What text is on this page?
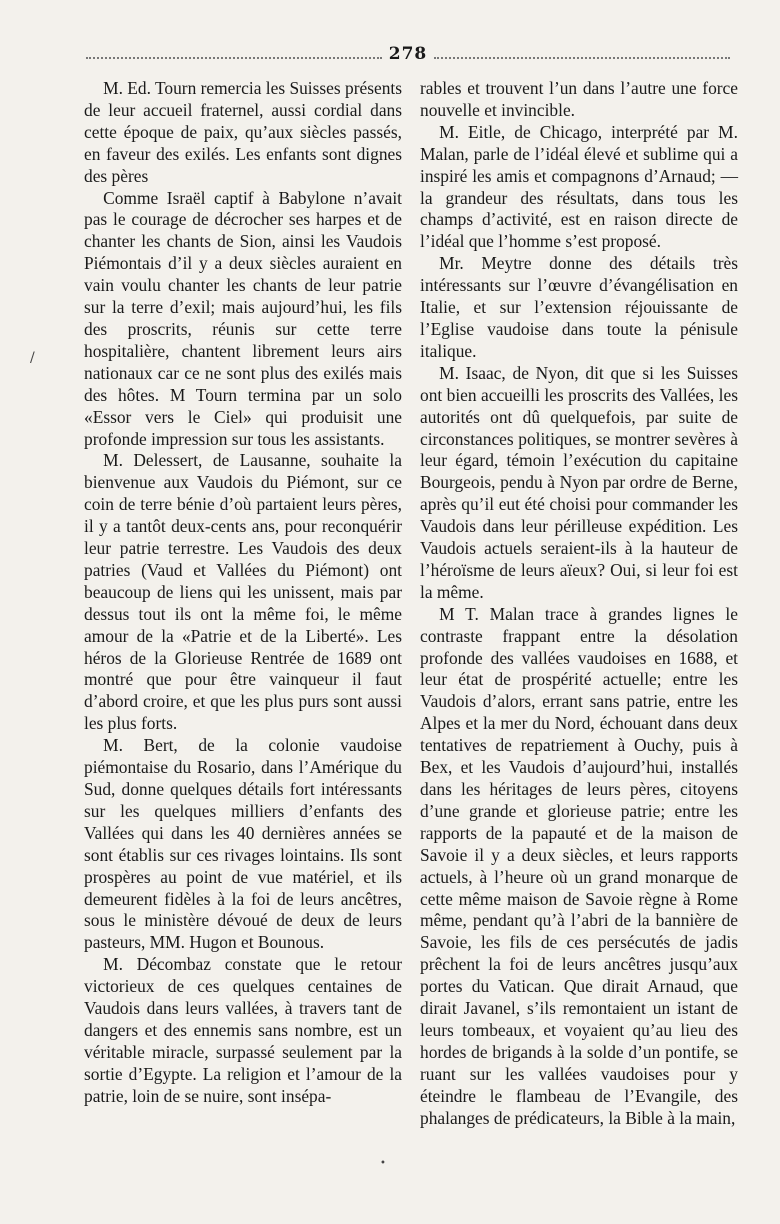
278

M. Ed. Tourn remercia les Suisses présents de leur accueil fraternel, aussi cordial dans cette époque de paix, qu’aux siècles passés, en faveur des exilés. Les enfants sont dignes des pères

Comme Israël captif à Babylone n’avait pas le courage de décrocher ses harpes et de chanter les chants de Sion, ainsi les Vaudois Piémontais d’il y a deux siècles auraient en vain voulu chanter les chants de leur patrie sur la terre d’exil; mais aujourd’hui, les fils des proscrits, réunis sur cette terre hospitalière, chantent librement leurs airs nationaux car ce ne sont plus des exilés mais des hôtes. M Tourn termina par un solo «Essor vers le Ciel» qui produisit une profonde impression sur tous les assistants.

M. Delessert, de Lausanne, souhaite la bienvenue aux Vaudois du Piémont, sur ce coin de terre bénie d’où partaient leurs pères, il y a tantôt deux-cents ans, pour reconquérir leur patrie terrestre. Les Vaudois des deux patries (Vaud et Vallées du Piémont) ont beaucoup de liens qui les unissent, mais par dessus tout ils ont la même foi, le même amour de la «Patrie et de la Liberté». Les héros de la Glorieuse Rentrée de 1689 ont montré que pour être vainqueur il faut d’abord croire, et que les plus purs sont aussi les plus forts.

M. Bert, de la colonie vaudoise piémontaise du Rosario, dans l’Amérique du Sud, donne quelques détails fort intéressants sur les quelques milliers d’enfants des Vallées qui dans les 40 dernières années se sont établis sur ces rivages lointains. Ils sont prospères au point de vue matériel, et ils demeurent fidèles à la foi de leurs ancêtres, sous le ministère dévoué de deux de leurs pasteurs, MM. Hugon et Bounous.

M. Décombaz constate que le retour victorieux de ces quelques centaines de Vaudois dans leurs vallées, à travers tant de dangers et des ennemis sans nombre, est un véritable miracle, surpassé seulement par la sortie d’Egypte. La religion et l’amour de la patrie, loin de se nuire, sont insépa-

rables et trouvent l’un dans l’autre une force nouvelle et invincible.

M. Eitle, de Chicago, interprété par M. Malan, parle de l’idéal élevé et sublime qui a inspiré les amis et compagnons d’Arnaud; — la grandeur des résultats, dans tous les champs d’activité, est en raison directe de l’idéal que l’homme s’est proposé.

Mr. Meytre donne des détails très intéressants sur l’œuvre d’évangélisation en Italie, et sur l’extension réjouissante de l’Eglise vaudoise dans toute la pénisule italique.

M. Isaac, de Nyon, dit que si les Suisses ont bien accueilli les proscrits des Vallées, les autorités ont dû quelquefois, par suite de circonstances politiques, se montrer sevères à leur égard, témoin l’exécution du capitaine Bourgeois, pendu à Nyon par ordre de Berne, après qu’il eut été choisi pour commander les Vaudois dans leur périlleuse expédition. Les Vaudois actuels seraient-ils à la hauteur de l’héroïsme de leurs aïeux? Oui, si leur foi est la même.

M T. Malan trace à grandes lignes le contraste frappant entre la désolation profonde des vallées vaudoises en 1688, et leur état de prospérité actuelle; entre les Vaudois d’alors, errant sans patrie, entre les Alpes et la mer du Nord, échouant dans deux tentatives de repatriement à Ouchy, puis à Bex, et les Vaudois d’aujourd’hui, installés dans les héritages de leurs pères, citoyens d’une grande et glorieuse patrie; entre les rapports de la papauté et de la maison de Savoie il y a deux siècles, et leurs rapports actuels, à l’heure où un grand monarque de cette même maison de Savoie règne à Rome même, pendant qu’à l’abri de la bannière de Savoie, les fils de ces persécutés de jadis prêchent la foi de leurs ancêtres jusqu’aux portes du Vatican. Que dirait Arnaud, que dirait Javanel, s’ils remontaient un istant de leurs tombeaux, et voyaient qu’au lieu des hordes de brigands à la solde d’un pontife, se ruant sur les vallées vaudoises pour y éteindre le flambeau de l’Evangile, des phalanges de prédicateurs, la Bible à la main,

/
•
